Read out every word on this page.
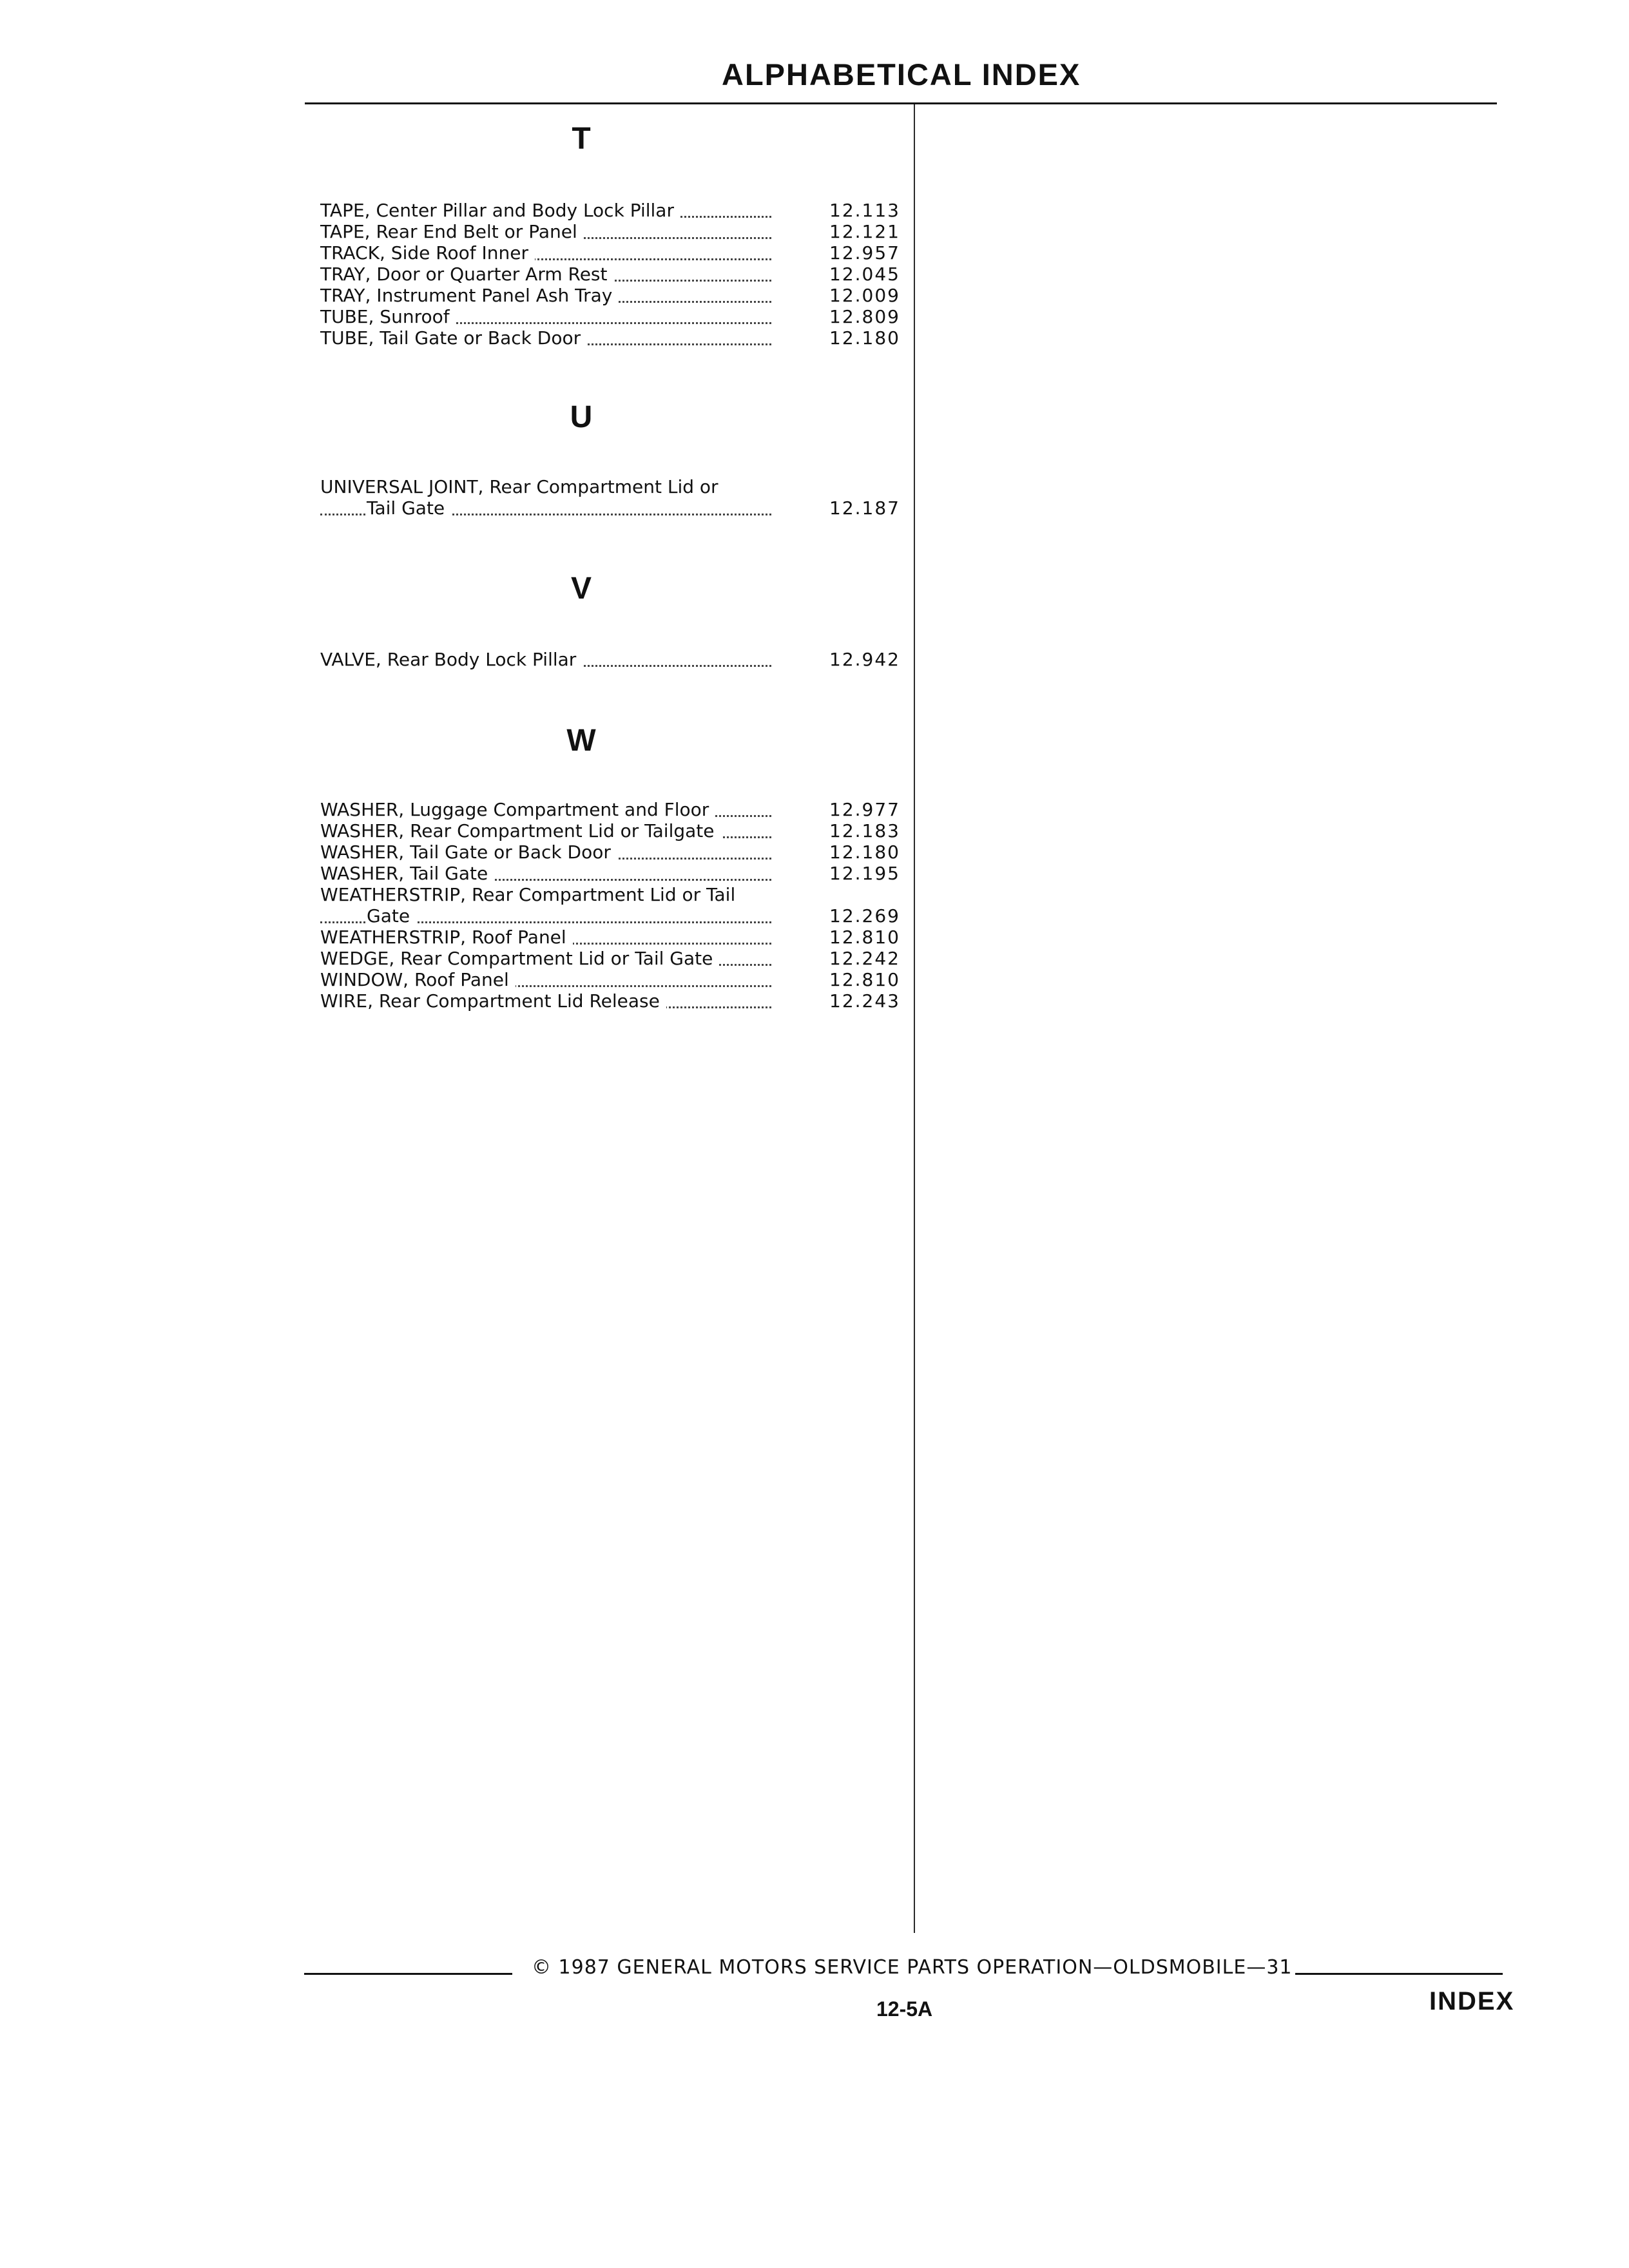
ALPHABETICAL INDEX
T
TAPE, Center Pillar and Body Lock Pillar	12.113
TAPE, Rear End Belt or Panel	12.121
TRACK, Side Roof Inner	12.957
TRAY, Door or Quarter Arm Rest	12.045
TRAY, Instrument Panel Ash Tray	12.009
TUBE, Sunroof	12.809
TUBE, Tail Gate or Back Door	12.180
U
UNIVERSAL JOINT, Rear Compartment Lid or
Tail Gate	12.187
V
VALVE, Rear Body Lock Pillar	12.942
W
WASHER, Luggage Compartment and Floor	12.977
WASHER, Rear Compartment Lid or Tailgate	12.183
WASHER, Tail Gate or Back Door	12.180
WASHER, Tail Gate	12.195
WEATHERSTRIP, Rear Compartment Lid or Tail
Gate	12.269
WEATHERSTRIP, Roof Panel	12.810
WEDGE, Rear Compartment Lid or Tail Gate	12.242
WINDOW, Roof Panel	12.810
WIRE, Rear Compartment Lid Release	12.243
© 1987 GENERAL MOTORS SERVICE PARTS OPERATION—OLDSMOBILE—31
12-5A	INDEX
